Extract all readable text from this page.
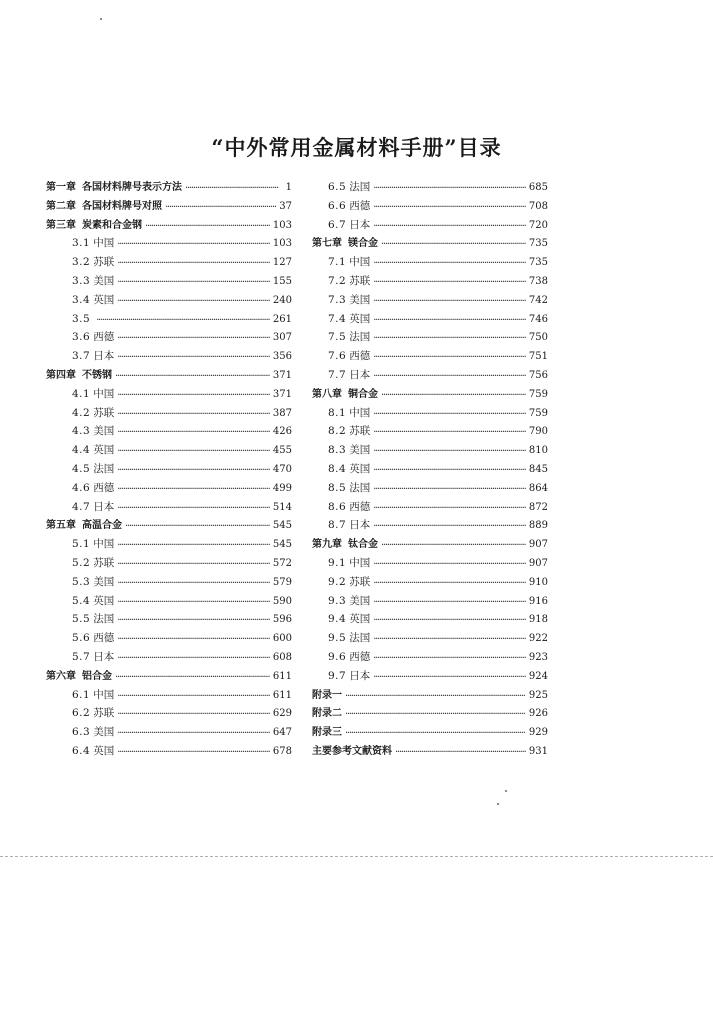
“中外常用金属材料手册”目录
第一章 各国材料牌号表示方法 ·····	1
第二章 各国材料牌号对照 ·····	37
第三章 炭素和合金钢 ·····	103
3.1 中国 ·····	103
3.2 苏联 ·····	127
3.3 美国 ·····	155
3.4 英国 ·····	240
3.5 ·····	261
3.6 西德 ·····	307
3.7 日本 ·····	356
第四章 不锈钢 ·····	371
4.1 中国 ·····	371
4.2 苏联 ·····	387
4.3 美国 ·····	426
4.4 英国 ·····	455
4.5 法国 ·····	470
4.6 西德 ·····	499
4.7 日本 ·····	514
第五章 高温合金 ·····	545
5.1 中国 ·····	545
5.2 苏联 ·····	572
5.3 美国 ·····	579
5.4 英国 ·····	590
5.5 法国 ·····	596
5.6 西德 ·····	600
5.7 日本 ·····	608
第六章 铝合金 ·····	611
6.1 中国 ·····	611
6.2 苏联 ·····	629
6.3 美国 ·····	647
6.4 英国 ·····	678
6.5 法国 ·····	685
6.6 西德 ·····	708
6.7 日本 ·····	720
第七章 镁合金 ·····	735
7.1 中国 ·····	735
7.2 苏联 ·····	738
7.3 美国 ·····	742
7.4 英国 ·····	746
7.5 法国 ·····	750
7.6 西德 ·····	751
7.7 日本 ·····	756
第八章 铜合金 ·····	759
8.1 中国 ·····	759
8.2 苏联 ·····	790
8.3 美国 ·····	810
8.4 英国 ·····	845
8.5 法国 ·····	864
8.6 西德 ·····	872
8.7 日本 ·····	889
第九章 钛合金 ·····	907
9.1 中国 ·····	907
9.2 苏联 ·····	910
9.3 美国 ·····	916
9.4 英国 ·····	918
9.5 法国 ·····	922
9.6 西德 ·····	923
9.7 日本 ·····	924
附录一 ·····	925
附录二 ·····	926
附录三 ·····	929
主要参考文献资料 ·····	931
